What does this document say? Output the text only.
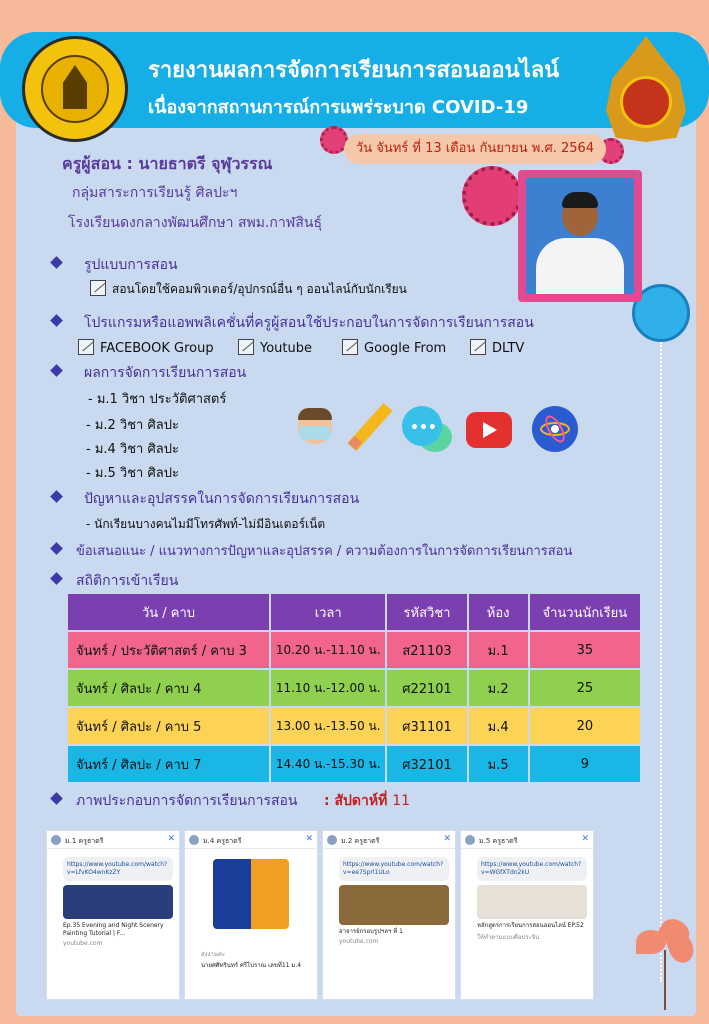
รายงานผลการจัดการเรียนการสอนออนไลน์
เนื่องจากสถานการณ์การแพร่ระบาด COVID-19
วัน จันทร์ ที่ 13 เดือน กันยายน พ.ศ. 2564
ครูผู้สอน : นายธาตรี จุฬุวรรณ
กลุ่มสาระการเรียนรู้ ศิลปะฯ
โรงเรียนดงกลางพัฒนศึกษา สพม.กาฬสินธุ์
รูปแบบการสอน
สอนโดยใช้คอมพิวเตอร์/อุปกรณ์อื่น ๆ ออนไลน์กับนักเรียน
โปรแกรมหรือแอพพลิเคชั่นที่ครูผู้สอนใช้ประกอบในการจัดการเรียนการสอน
FACEBOOK Group	Youtube	Google From	DLTV
ผลการจัดการเรียนการสอน
- ม.1 วิชา ประวัติศาสตร์
- ม.2 วิชา ศิลปะ
- ม.4 วิชา ศิลปะ
- ม.5 วิชา ศิลปะ
•••
ปัญหาและอุปสรรคในการจัดการเรียนการสอน
- นักเรียนบางคนไมมีโทรศัพท์-ไม่มีอินเตอร์เน็ต
ข้อเสนอแนะ / แนวทางการปัญหาและอุปสรรค / ความต้องการในการจัดการเรียนการสอน
สถิติการเข้าเรียน
วัน / คาบ	เวลา	รหัสวิชา	ห้อง	จำนวนนักเรียน
จันทร์ / ประวัติศาสตร์ / คาบ 3	10.20 น.-11.10 น.	ส21103	ม.1	35
จันทร์ / ศิลปะ / คาบ 4	11.10 น.-12.00 น.	ศ22101	ม.2	25
จันทร์ / ศิลปะ / คาบ 5	13.00 น.-13.50 น.	ศ31101	ม.4	20
จันทร์ / ศิลปะ / คาบ 7	14.40 น.-15.30 น.	ศ32101	ม.5	9
ภาพประกอบการจัดการเรียนการสอน : สัปดาห์ที่ 11
ม.1 ครูธาตรี	✕
https://www.youtube.com/watch?v=LfvKO4wnKzZY
Ep.35 Evening and Night Scenery Painting Tutorial | F...
youtube.com
ม.4 ครูธาตรี	✕
ส่งงานค่ะ
นายศศิทรินทร์ ศรีโบราณ เลขที่11 ม.4
ม.2 ครูธาตรี	✕
https://www.youtube.com/watch?v=ee7Sprl1ULo
อาจารย์กรอบรูปฯลฯ ที่ 1
youtube.com
ม.5 ครูธาตรี	✕
https://www.youtube.com/watch?v=WGfXTdn2kU
หลักสูตรการเรียนการสอนออนไลน์ EP.52
ให้ทำตามแบบคือประจิน
